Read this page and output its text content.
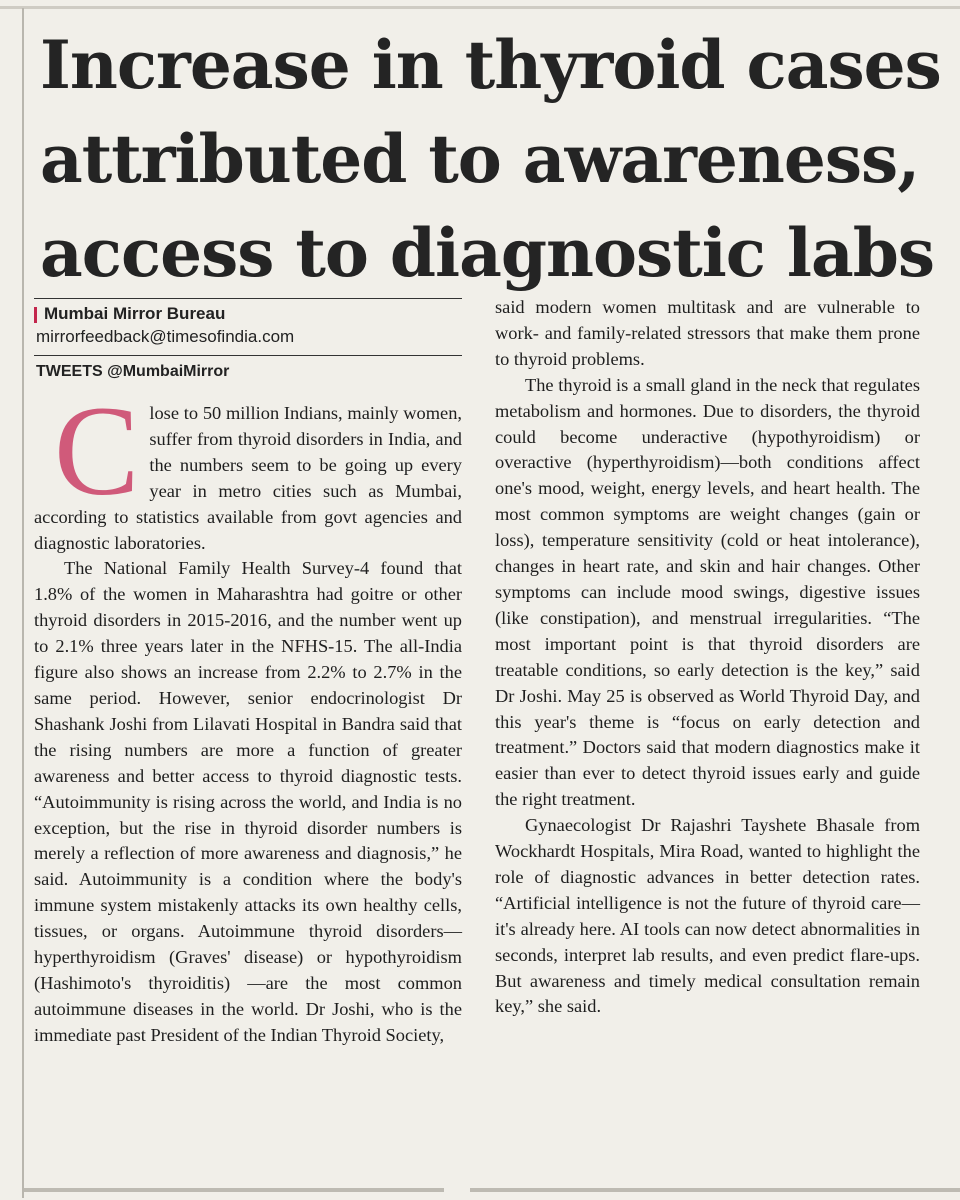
Increase in thyroid cases
attributed to awareness,
access to diagnostic labs
Mumbai Mirror Bureau
mirrorfeedback@timesofindia.com
TWEETS @MumbaiMirror

C lose to 50 million Indians, mainly women, suffer from thyroid disorders in India, and the numbers seem to be going up every year in metro cities such as Mumbai, according to statistics available from govt agencies and diagnostic laboratories.

The National Family Health Survey-4 found that 1.8% of the women in Maharashtra had goitre or other thyroid disorders in 2015-2016, and the number went up to 2.1% three years later in the NFHS-15. The all-India figure also shows an increase from 2.2% to 2.7% in the same period. However, senior endocrinologist Dr Shashank Joshi from Lilavati Hospital in Bandra said that the rising numbers are more a function of greater awareness and better access to thyroid diagnostic tests. “Autoimmunity is rising across the world, and India is no exception, but the rise in thyroid disorder numbers is merely a reflection of more awareness and diagnosis,” he said. Autoimmunity is a condition where the body's immune system mistakenly attacks its own healthy cells, tissues, or organs. Autoimmune thyroid disorders—hyperthyroidism (Graves' disease) or hypothyroidism (Hashimoto's thyroiditis) —are the most common autoimmune diseases in the world. Dr Joshi, who is the immediate past President of the Indian Thyroid Society,

said modern women multitask and are vulnerable to work- and family-related stressors that make them prone to thyroid problems.

The thyroid is a small gland in the neck that regulates metabolism and hormones. Due to disorders, the thyroid could become underactive (hypothyroidism) or overactive (hyperthyroidism)—both conditions affect one's mood, weight, energy levels, and heart health. The most common symptoms are weight changes (gain or loss), temperature sensitivity (cold or heat intolerance), changes in heart rate, and skin and hair changes. Other symptoms can include mood swings, digestive issues (like constipation), and menstrual irregularities. “The most important point is that thyroid disorders are treatable conditions, so early detection is the key,” said Dr Joshi. May 25 is observed as World Thyroid Day, and this year's theme is “focus on early detection and treatment.” Doctors said that modern diagnostics make it easier than ever to detect thyroid issues early and guide the right treatment.

Gynaecologist Dr Rajashri Tayshete Bhasale from Wockhardt Hospitals, Mira Road, wanted to highlight the role of diagnostic advances in better detection rates. “Artificial intelligence is not the future of thyroid care—it's already here. AI tools can now detect abnormalities in seconds, interpret lab results, and even predict flare-ups. But awareness and timely medical consultation remain key,” she said.
